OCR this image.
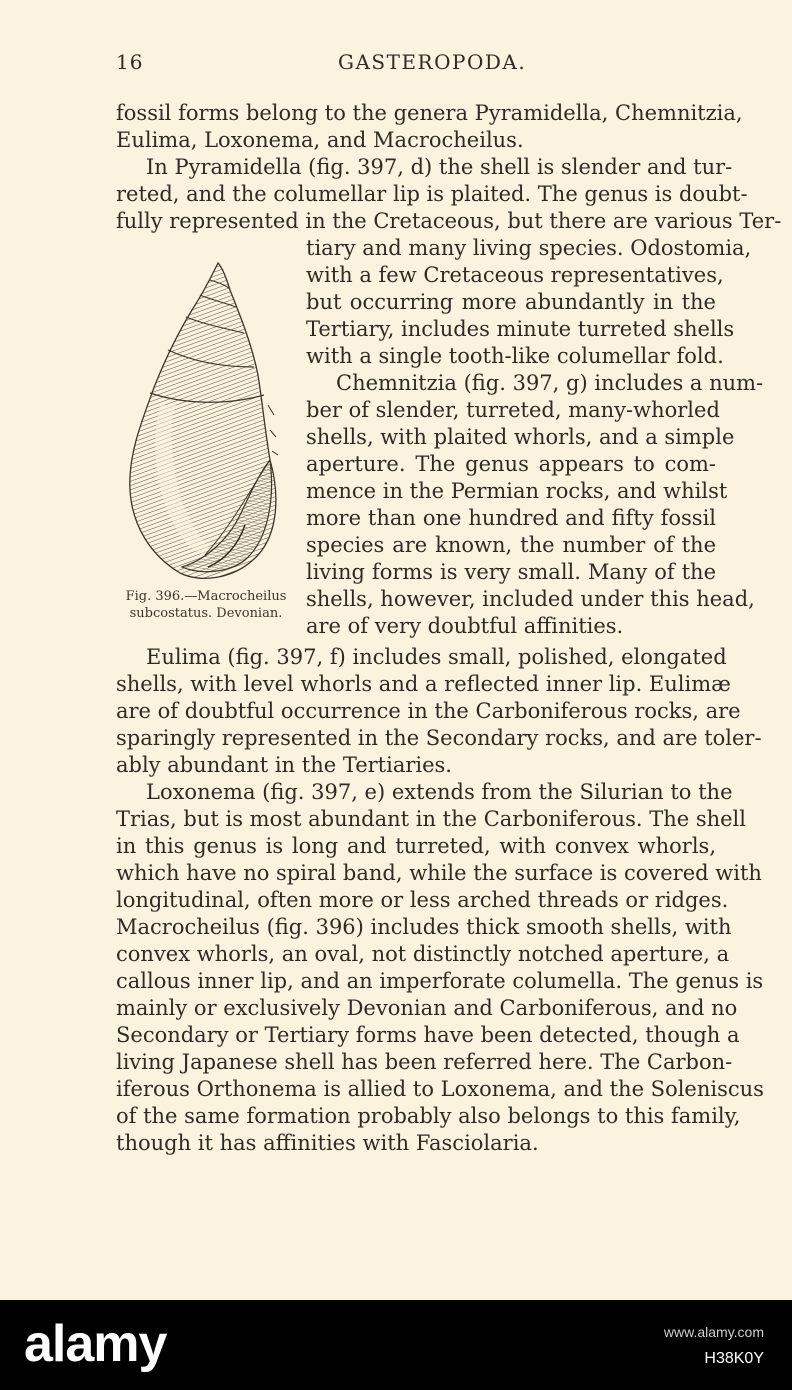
16	GASTEROPODA.
fossil forms belong to the genera Pyramidella, Chemnitzia,
Eulima, Loxonema, and Macrocheilus.
In Pyramidella (fig. 397, d) the shell is slender and tur-
reted, and the columellar lip is plaited. The genus is doubt-
fully represented in the Cretaceous, but there are various Ter-
tiary and many living species. Odostomia,
with a few Cretaceous representatives,
but occurring more abundantly in the
Tertiary, includes minute turreted shells
with a single tooth-like columellar fold.
Chemnitzia (fig. 397, g) includes a num-
ber of slender, turreted, many-whorled
shells, with plaited whorls, and a simple
aperture. The genus appears to com-
mence in the Permian rocks, and whilst
more than one hundred and fifty fossil
species are known, the number of the
living forms is very small. Many of the
shells, however, included under this head,
are of very doubtful affinities.
Eulima (fig. 397, f) includes small, polished, elongated
shells, with level whorls and a reflected inner lip. Eulimæ
are of doubtful occurrence in the Carboniferous rocks, are
sparingly represented in the Secondary rocks, and are toler-
ably abundant in the Tertiaries.
Loxonema (fig. 397, e) extends from the Silurian to the
Trias, but is most abundant in the Carboniferous. The shell
in this genus is long and turreted, with convex whorls,
which have no spiral band, while the surface is covered with
longitudinal, often more or less arched threads or ridges.
Macrocheilus (fig. 396) includes thick smooth shells, with
convex whorls, an oval, not distinctly notched aperture, a
callous inner lip, and an imperforate columella. The genus is
mainly or exclusively Devonian and Carboniferous, and no
Secondary or Tertiary forms have been detected, though a
living Japanese shell has been referred here. The Carbon-
iferous Orthonema is allied to Loxonema, and the Soleniscus
of the same formation probably also belongs to this family,
though it has affinities with Fasciolaria.
Fig. 396.—Macrocheilus
subcostatus. Devonian.
alamy	www.alamy.com
H38K0Y
